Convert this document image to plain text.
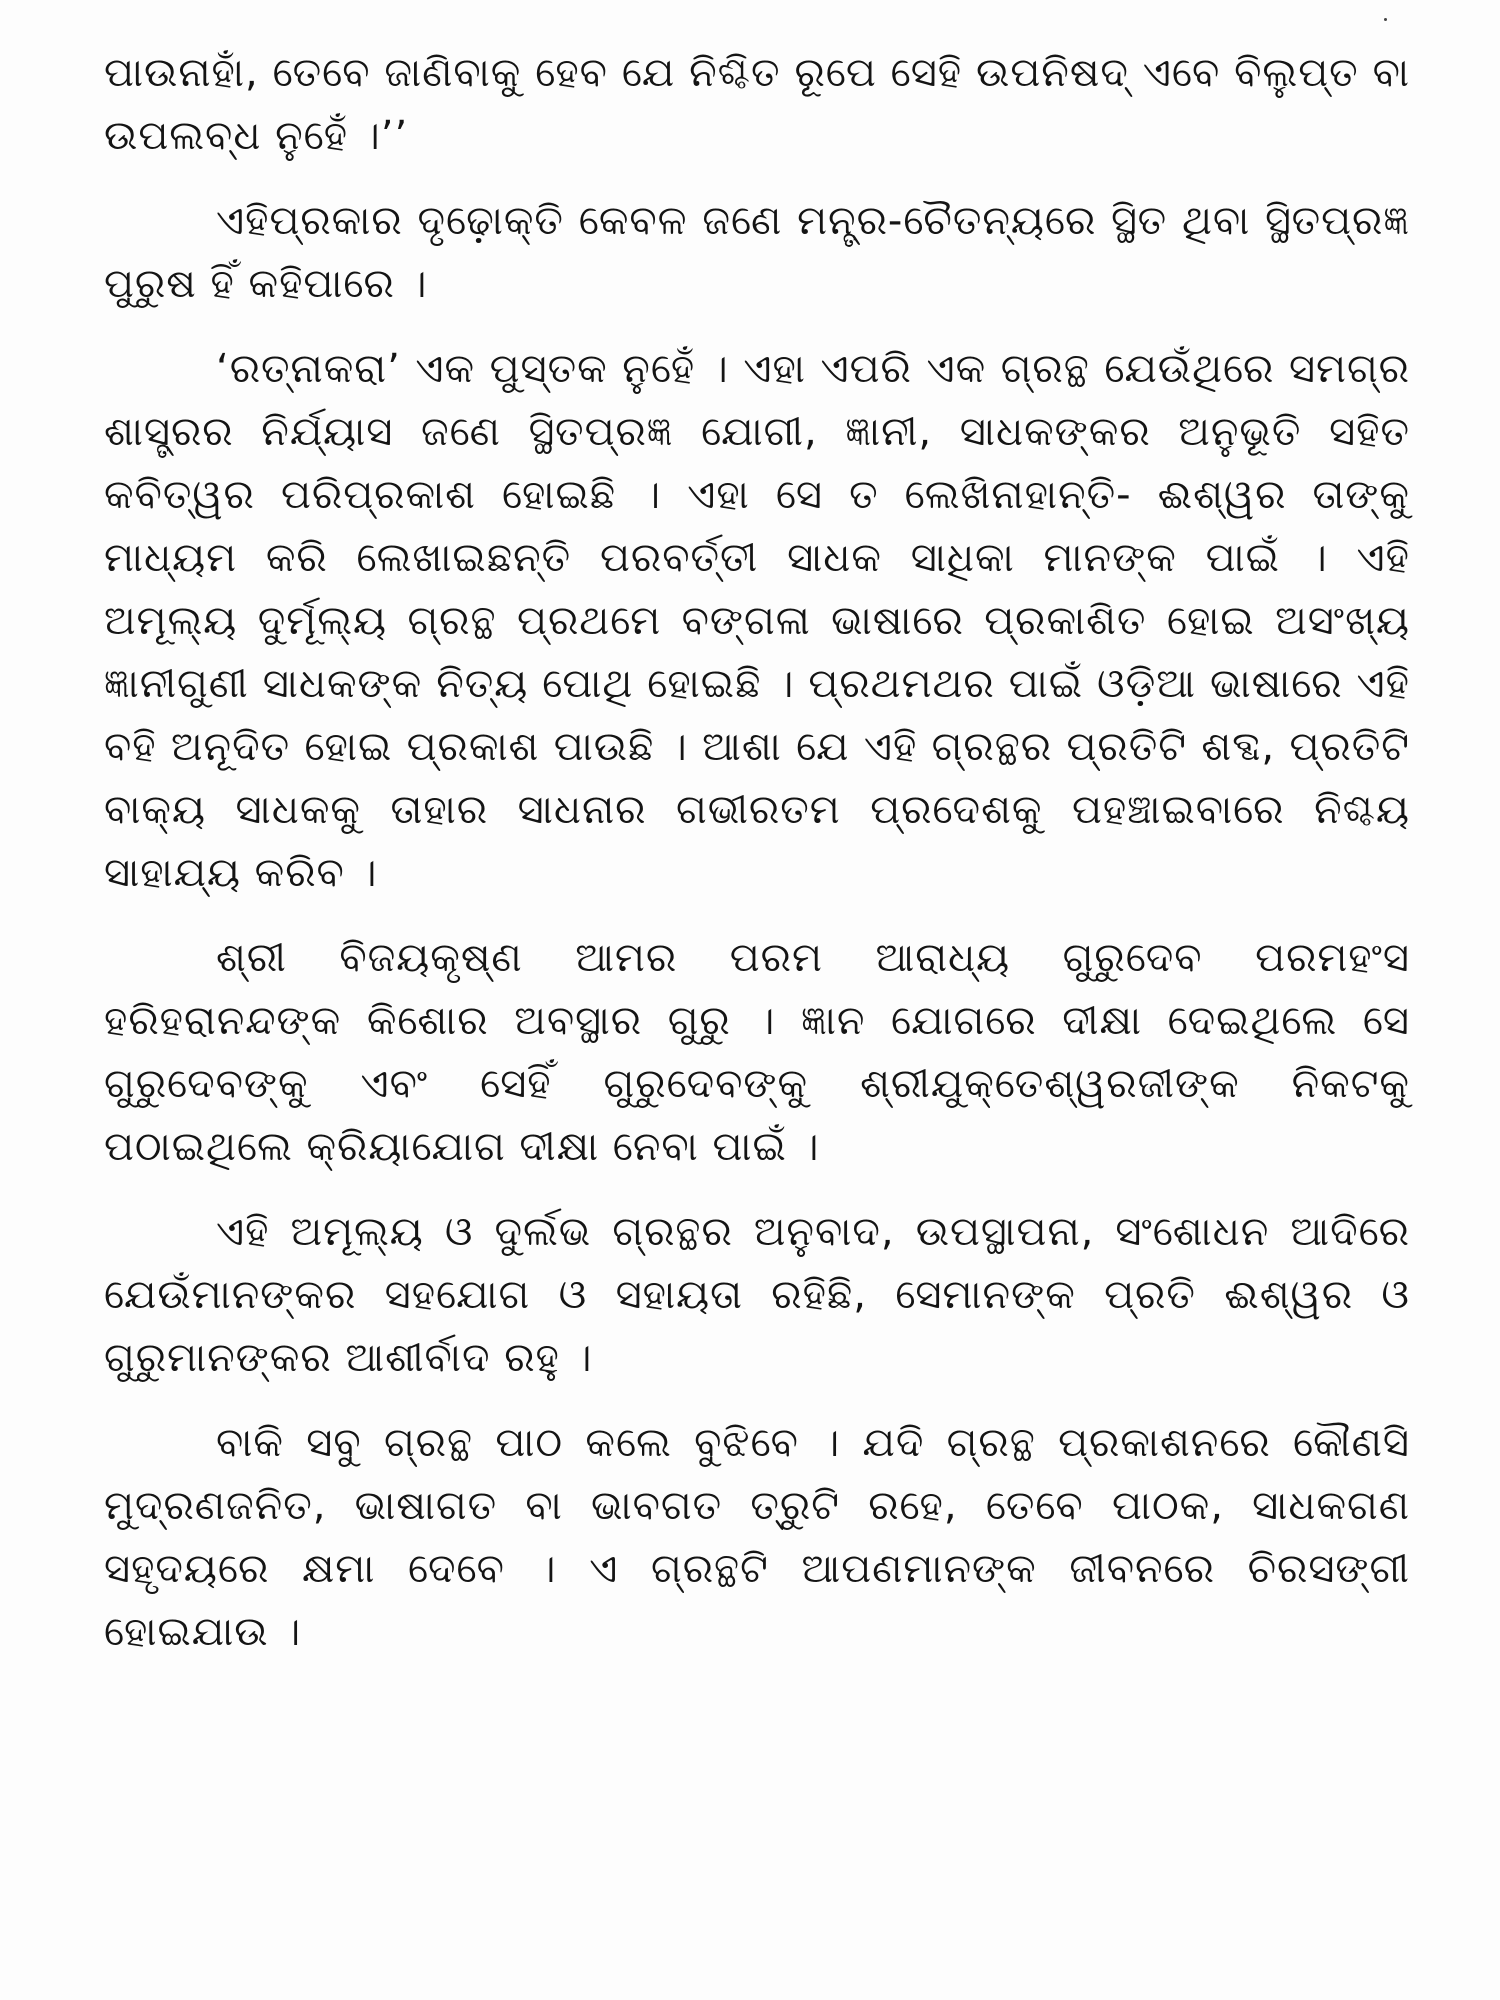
ପାଉନାହାଁ, ତେବେ ଜାଣିବାକୁ ହେବ ଯେ ନିଶ୍ଚିତ ରୂପେ ସେହି ଉପନିଷଦ୍ ଏବେ ବିଲୁପ୍ତ ବା ଉପଲବ୍ଧ ନୁହେଁ ।’’

ଏହିପ୍ରକାର ଦୃଢ଼ୋକ୍ତି କେବଳ ଜଣେ ମନ୍ତ୍ର-ଚୈତନ୍ୟରେ ସ୍ଥିତ ଥିବା ସ୍ଥିତପ୍ରଜ୍ଞ ପୁରୁଷ ହିଁ କହିପାରେ ।

‘ରତ୍ନାକରା’ ଏକ ପୁସ୍ତକ ନୁହେଁ । ଏହା ଏପରି ଏକ ଗ୍ରନ୍ଥ ଯେଉଁଥିରେ ସମଗ୍ର ଶାସ୍ତ୍ରର ନିର୍ଯ୍ୟାସ ଜଣେ ସ୍ଥିତପ୍ରଜ୍ଞ ଯୋଗୀ, ଜ୍ଞାନୀ, ସାଧକଙ୍କର ଅନୁଭୂତି ସହିତ କବିତ୍ୱର ପରିପ୍ରକାଶ ହୋଇଛି । ଏହା ସେ ତ ଲେଖିନାହାନ୍ତି- ଈଶ୍ୱର ତାଙ୍କୁ ମାଧ୍ୟମ କରି ଲେଖାଇଛନ୍ତି ପରବର୍ତ୍ତୀ ସାଧକ ସାଧିକା ମାନଙ୍କ ପାଇଁ । ଏହି ଅମୂଲ୍ୟ ଦୁର୍ମୂଲ୍ୟ ଗ୍ରନ୍ଥ ପ୍ରଥମେ ବଙ୍ଗଳା ଭାଷାରେ ପ୍ରକାଶିତ ହୋଇ ଅସଂଖ୍ୟ ଜ୍ଞାନୀଗୁଣୀ ସାଧକଙ୍କ ନିତ୍ୟ ପୋଥି ହୋଇଛି । ପ୍ରଥମଥର ପାଇଁ ଓଡ଼ିଆ ଭାଷାରେ ଏହି ବହି ଅନୂଦିତ ହୋଇ ପ୍ରକାଶ ପାଉଛି । ଆଶା ଯେ ଏହି ଗ୍ରନ୍ଥର ପ୍ରତିଟି ଶବ୍ଦ, ପ୍ରତିଟି ବାକ୍ୟ ସାଧକକୁ ତାହାର ସାଧନାର ଗଭୀରତମ ପ୍ରଦେଶକୁ ପହଞ୍ଚାଇବାରେ ନିଶ୍ଚୟ ସାହାଯ୍ୟ କରିବ ।

ଶ୍ରୀ ବିଜୟକୃଷ୍ଣ ଆମର ପରମ ଆରାଧ୍ୟ ଗୁରୁଦେବ ପରମହଂସ ହରିହରାନନ୍ଦଙ୍କ କିଶୋର ଅବସ୍ଥାର ଗୁରୁ । ଜ୍ଞାନ ଯୋଗରେ ଦୀକ୍ଷା ଦେଇଥିଲେ ସେ ଗୁରୁଦେବଙ୍କୁ ଏବଂ ସେହିଁ ଗୁରୁଦେବଙ୍କୁ ଶ୍ରୀଯୁକ୍ତେଶ୍ୱରଜୀଙ୍କ ନିକଟକୁ ପଠାଇଥିଲେ କ୍ରିୟାଯୋଗ ଦୀକ୍ଷା ନେବା ପାଇଁ ।

ଏହି ଅମୂଲ୍ୟ ଓ ଦୁର୍ଲଭ ଗ୍ରନ୍ଥର ଅନୁବାଦ, ଉପସ୍ଥାପନା, ସଂଶୋଧନ ଆଦିରେ ଯେଉଁମାନଙ୍କର ସହଯୋଗ ଓ ସହାୟତା ରହିଛି, ସେମାନଙ୍କ ପ୍ରତି ଈଶ୍ୱର ଓ ଗୁରୁମାନଙ୍କର ଆଶୀର୍ବାଦ ରହୁ ।

ବାକି ସବୁ ଗ୍ରନ୍ଥ ପାଠ କଲେ ବୁଝିବେ । ଯଦି ଗ୍ରନ୍ଥ ପ୍ରକାଶନରେ କୌଣସି ମୁଦ୍ରଣଜନିତ, ଭାଷାଗତ ବା ଭାବଗତ ତ୍ରୁଟି ରହେ, ତେବେ ପାଠକ, ସାଧକଗଣ ସହୃଦୟରେ କ୍ଷମା ଦେବେ । ଏ ଗ୍ରନ୍ଥଟି ଆପଣମାନଙ୍କ ଜୀବନରେ ଚିରସଙ୍ଗୀ ହୋଇଯାଉ ।
